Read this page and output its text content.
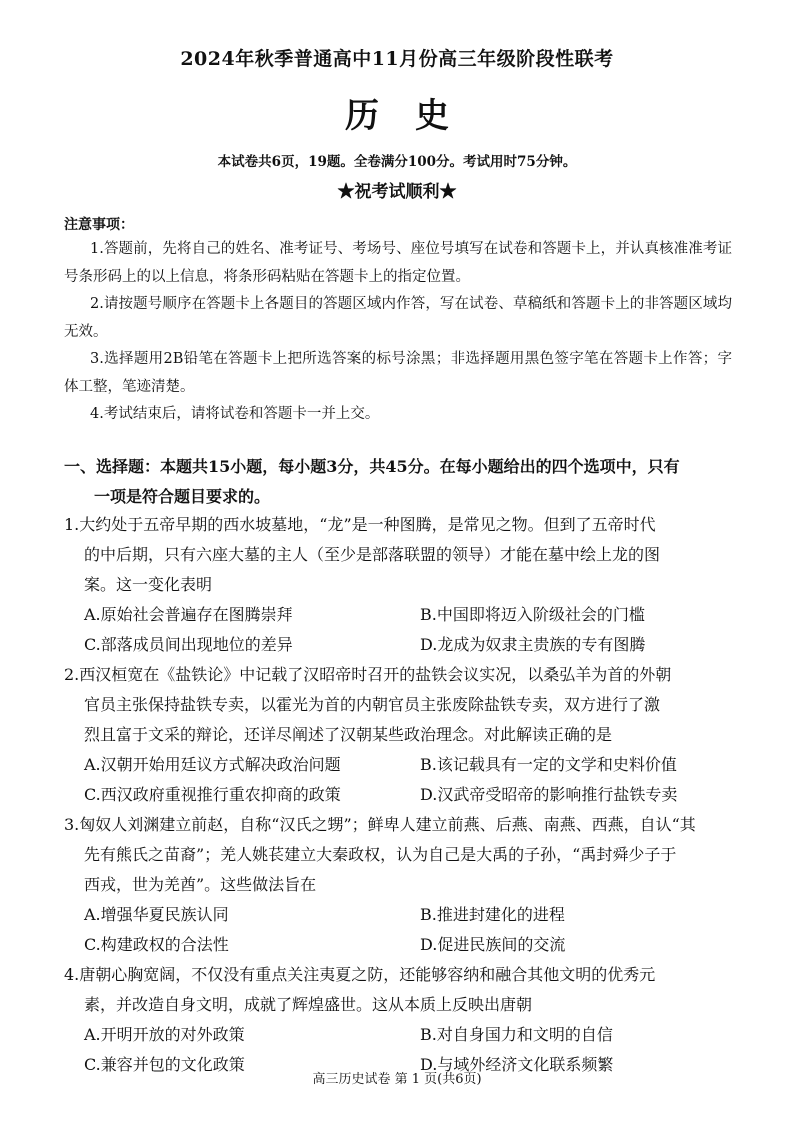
2024年秋季普通高中11月份高三年级阶段性联考
历史
本试卷共6页，19题。全卷满分100分。考试用时75分钟。
★祝考试顺利★
注意事项：

1.答题前，先将自己的姓名、准考证号、考场号、座位号填写在试卷和答题卡上，并认真核准准考证号条形码上的以上信息，将条形码粘贴在答题卡上的指定位置。

2.请按题号顺序在答题卡上各题目的答题区域内作答，写在试卷、草稿纸和答题卡上的非答题区域均无效。

3.选择题用2B铅笔在答题卡上把所选答案的标号涂黑；非选择题用黑色签字笔在答题卡上作答；字体工整，笔迹清楚。

4.考试结束后，请将试卷和答题卡一并上交。

一、选择题：本题共15小题，每小题3分，共45分。在每小题给出的四个选项中，只有
一项是符合题目要求的。
1.大约处于五帝早期的西水坡墓地，“龙”是一种图腾，是常见之物。但到了五帝时代
的中后期，只有六座大墓的主人（至少是部落联盟的领导）才能在墓中绘上龙的图
案。这一变化表明
A.原始社会普遍存在图腾崇拜	B.中国即将迈入阶级社会的门槛
C.部落成员间出现地位的差异	D.龙成为奴隶主贵族的专有图腾
2.西汉桓宽在《盐铁论》中记载了汉昭帝时召开的盐铁会议实况，以桑弘羊为首的外朝
官员主张保持盐铁专卖，以霍光为首的内朝官员主张废除盐铁专卖，双方进行了激
烈且富于文采的辩论，还详尽阐述了汉朝某些政治理念。对此解读正确的是
A.汉朝开始用廷议方式解决政治问题	B.该记载具有一定的文学和史料价值
C.西汉政府重视推行重农抑商的政策	D.汉武帝受昭帝的影响推行盐铁专卖
3.匈奴人刘渊建立前赵，自称“汉氏之甥”；鲜卑人建立前燕、后燕、南燕、西燕，自认“其
先有熊氏之苗裔”；羌人姚苌建立大秦政权，认为自己是大禹的子孙，“禹封舜少子于
西戎，世为羌酋”。这些做法旨在
A.增强华夏民族认同	B.推进封建化的进程
C.构建政权的合法性	D.促进民族间的交流
4.唐朝心胸宽阔，不仅没有重点关注夷夏之防，还能够容纳和融合其他文明的优秀元
素，并改造自身文明，成就了辉煌盛世。这从本质上反映出唐朝
A.开明开放的对外政策	B.对自身国力和文明的自信
C.兼容并包的文化政策	D.与域外经济文化联系频繁
高三历史试卷 第 1 页(共6页)
